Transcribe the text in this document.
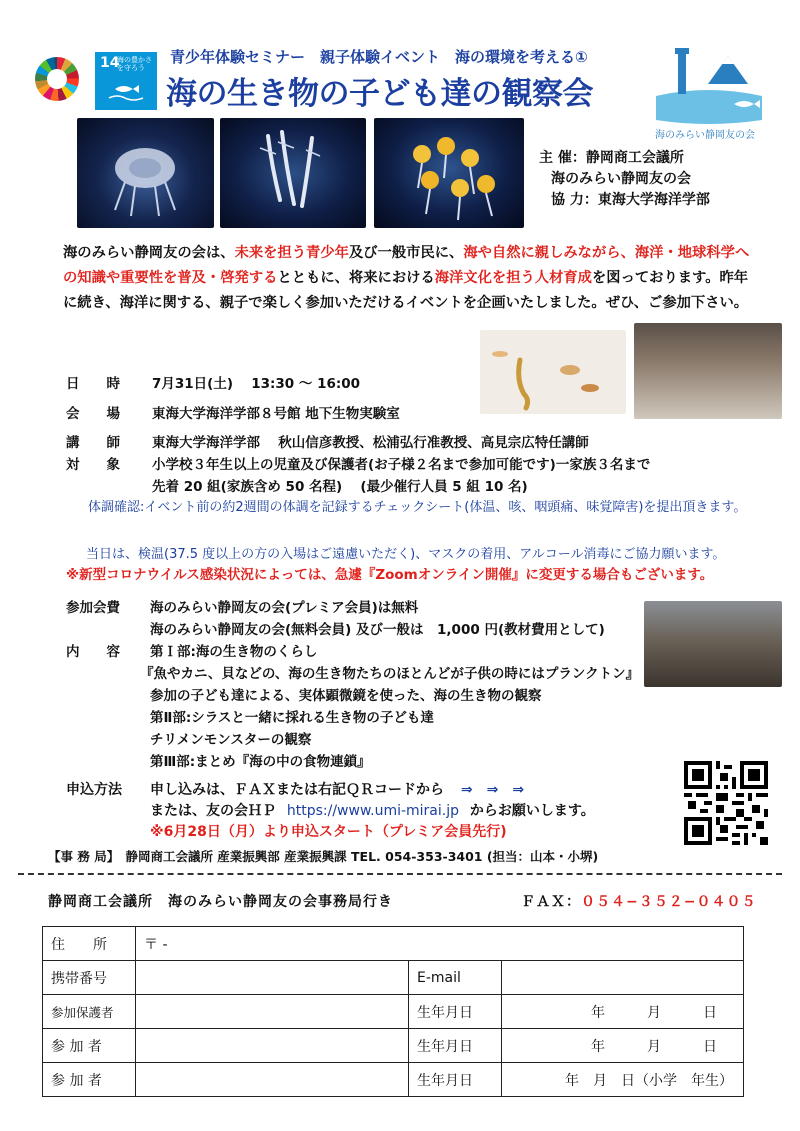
14
海の豊かさを守ろう
青少年体験セミナー　親子体験イベント　海の環境を考える①
海の生き物の子ども達の観察会
海のみらい静岡友の会
主 催：静岡商工会議所
海のみらい静岡友の会
協 力：東海大学海洋学部
海のみらい静岡友の会は、未来を担う青少年及び一般市民に、海や自然に親しみながら、海洋・地球科学への知識や重要性を普及・啓発するとともに、将来における海洋文化を担う人材育成を図っております。昨年に続き、海洋に関する、親子で楽しく参加いただけるイベントを企画いたしました。ぜひ、ご参加下さい。
日　　時 7月31日(土)　 13:30 〜 16:00
会　　場 東海大学海洋学部８号館 地下生物実験室
講　　師 東海大学海洋学部　 秋山信彦教授、松浦弘行准教授、高見宗広特任講師
対　　象 小学校３年生以上の児童及び保護者(お子様２名まで参加可能です)一家族３名まで
先着 20 組(家族含め 50 名程)　 (最少催行人員 5 組 10 名)
体調確認:イベント前の約2週間の体調を記録するチェックシート(体温、咳、咽頭痛、味覚障害)を提出頂きます。
当日は、検温(37.5 度以上の方の入場はご遠慮いただく)、マスクの着用、アルコール消毒にご協力願います。
※新型コロナウイルス感染状況によっては、急遽『Zoomオンライン開催』に変更する場合もございます。
参加会費 海のみらい静岡友の会(プレミア会員)は無料
海のみらい静岡友の会(無料会員) 及び一般は　1,000 円(教材費用として)
内　　容 第Ｉ部:海の生き物のくらし
『魚やカニ、貝などの、海の生き物たちのほとんどが子供の時にはプランクトン』
参加の子ども達による、実体顕微鏡を使った、海の生き物の観察
第Ⅱ部:シラスと一緒に採れる生き物の子ども達
チリメンモンスターの観察
第Ⅲ部:まとめ『海の中の食物連鎖』
申込方法 申し込みは、ＦＡＸまたは右記ＱＲコードから ⇒　⇒　⇒
または、友の会ＨＰ https://www.umi-mirai.jp からお願いします。
※6月28日（月）より申込スタート（プレミア会員先行)
【事 務 局】　静岡商工会議所 産業振興部 産業振興課 TEL. 054-353-3401 (担当：山本・小堺)
静岡商工会議所　海のみらい静岡友の会事務局行き	ＦＡＸ：０５４−３５２−０４０５
住　　所	〒 -		
携帯番号		E-mail	
参加保護者		生年月日	年　　　月　　　日
参 加 者		生年月日	年　　　月　　　日
参 加 者		生年月日	年　月　日（小学　年生）
